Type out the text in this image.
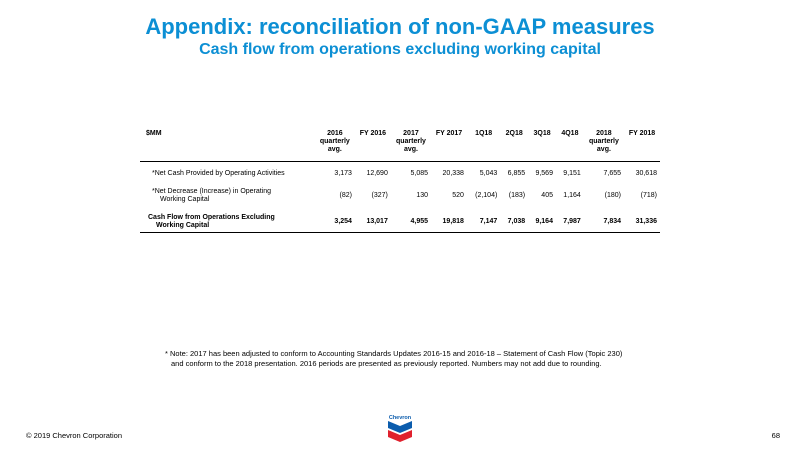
Appendix: reconciliation of non-GAAP measures
Cash flow from operations excluding working capital
$MM	2016
quarterly
avg.	FY 2016	2017
quarterly
avg.	FY 2017	1Q18	2Q18	3Q18	4Q18	2018
quarterly
avg.	FY 2018
*Net Cash Provided by Operating Activities	3,173	12,690	5,085	20,338	5,043	6,855	9,569	9,151	7,655	30,618
*Net Decrease (Increase) in Operating
Working Capital	(82)	(327)	130	520	(2,104)	(183)	405	1,164	(180)	(718)
Cash Flow from Operations Excluding
Working Capital	3,254	13,017	4,955	19,818	7,147	7,038	9,164	7,987	7,834	31,336
* Note: 2017 has been adjusted to conform to Accounting Standards Updates 2016-15 and 2016-18 – Statement of Cash Flow (Topic 230)
and conform to the 2018 presentation. 2016 periods are presented as previously reported. Numbers may not add due to rounding.
Chevron
© 2019 Chevron Corporation	68
